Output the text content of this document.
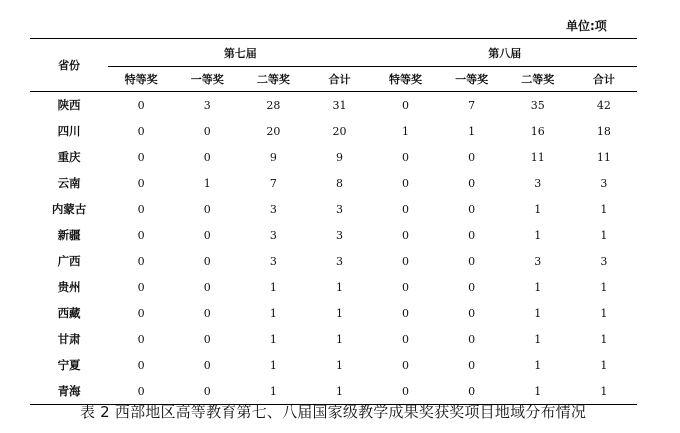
单位:项
省份	第七届				第八届			
	特等奖	一等奖	二等奖	合计	特等奖	一等奖	二等奖	合计
陕西	0	3	28	31	0	7	35	42
四川	0	0	20	20	1	1	16	18
重庆	0	0	9	9	0	0	11	11
云南	0	1	7	8	0	0	3	3
内蒙古	0	0	3	3	0	0	1	1
新疆	0	0	3	3	0	0	1	1
广西	0	0	3	3	0	0	3	3
贵州	0	0	1	1	0	0	1	1
西藏	0	0	1	1	0	0	1	1
甘肃	0	0	1	1	0	0	1	1
宁夏	0	0	1	1	0	0	1	1
青海	0	0	1	1	0	0	1	1
表 2 西部地区高等教育第七、八届国家级教学成果奖获奖项目地域分布情况
